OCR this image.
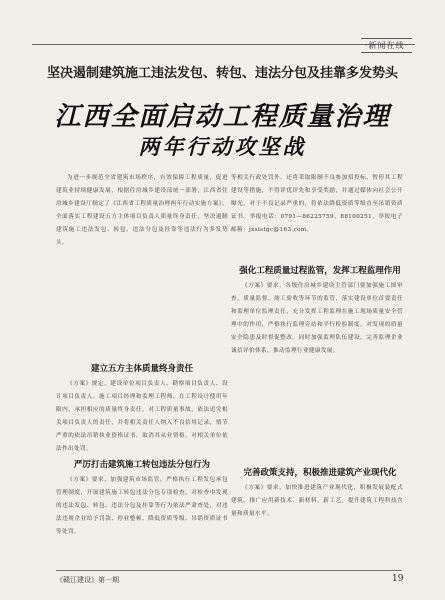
·新闻在线·
坚决遏制建筑施工违法发包、转包、违法分包及挂靠多发势头
江西全面启动工程质量治理
两年行动攻坚战

为进一步规范全省建筑市场秩序，有效保障工程质量，促进建筑业持续健康发展，根据住房城乡建设部统一部署，江西省住房城乡建设厅制定了《江西省工程质量治理两年行动实施方案》，全面落实工程建设五方主体项目负责人质量终身责任，坚决遏制建筑施工违法发包、转包、违法分包及挂靠等违法行为多发势头。

建立五方主体质量终身责任

《方案》规定，建设单位项目负责人、勘察项目负责人、设计项目负责人、施工项目经理和监理工程师，在工程设计使用年限内，承担相应的质量终身责任。对工程质量事故，依法追究相关项目负责人的责任，并将相关责任人纳入不良信用记录，情节严重的依法吊销执业资格证书，取消其从业资格，对相关单位依法作出处罚。

严厉打击建筑施工转包违法分包行为

《方案》要求，加强建筑市场监管，严格执行工程发包承包管理制度，开展建筑施工转包违法分包专项检查，对检查中发现的违法发包、转包、违法分包及挂靠等行为依法严肃查处，对违法违规企业给予罚款、停业整顿、降低资质等级、吊销资质证书等处罚。

等相关行政处罚外，还将采取限制不良参加招投标、暂停其工程建设等措施，不得评优评先和享受奖励，并通过媒体向社会公开曝光。对于不良记录严重的，将依法降低资质等级直至吊销资质证书。举报电话：0791—86225759、88100251，举报电子邮箱：jxslstgc@163.com。

强化工程质量过程监管，发挥工程监理作用

《方案》要求，各级住房城乡建设主管部门要加强施工图审查、质量监督、竣工验收等环节的监管，落实建设单位首要责任和监理单位监理责任，充分发挥工程监理在施工现场质量安全管理中的作用，严格执行监理旁站和平行检验制度，对发现的质量安全隐患及时督促整改。同时加强监理队伍建设，完善监理企业诚信评价体系，推动监理行业健康发展。

完善政策支持，积极推进建筑产业现代化

《方案》要求，加快推进建筑产业现代化，积极发展装配式建筑，推广应用新技术、新材料、新工艺，提升建筑工程科技含量和质量水平。

《赣江建设》第一期	19
